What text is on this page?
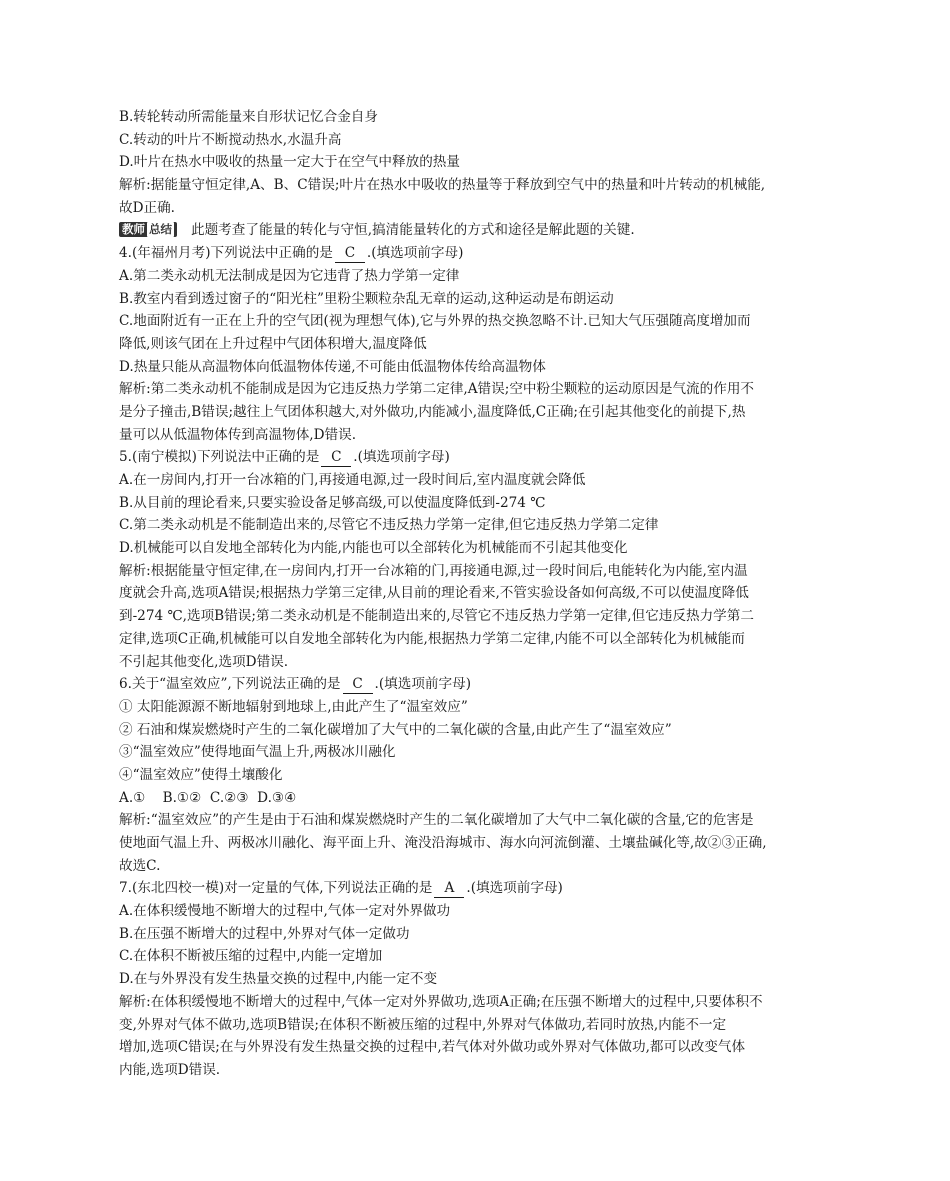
B.转轮转动所需能量来自形状记忆合金自身
C.转动的叶片不断搅动热水,水温升高
D.叶片在热水中吸收的热量一定大于在空气中释放的热量
解析:据能量守恒定律,A、B、C错误;叶片在热水中吸收的热量等于释放到空气中的热量和叶片转动的机械能,
故D正确.
教师 总结 此题考查了能量的转化与守恒,搞清能量转化的方式和途径是解此题的关键.
4.(年福州月考)下列说法中正确的是 C .(填选项前字母)
A.第二类永动机无法制成是因为它违背了热力学第一定律
B.教室内看到透过窗子的“阳光柱”里粉尘颗粒杂乱无章的运动,这种运动是布朗运动
C.地面附近有一正在上升的空气团(视为理想气体),它与外界的热交换忽略不计.已知大气压强随高度增加而
降低,则该气团在上升过程中气团体积增大,温度降低
D.热量只能从高温物体向低温物体传递,不可能由低温物体传给高温物体
解析:第二类永动机不能制成是因为它违反热力学第二定律,A错误;空中粉尘颗粒的运动原因是气流的作用不
是分子撞击,B错误;越往上气团体积越大,对外做功,内能减小,温度降低,C正确;在引起其他变化的前提下,热
量可以从低温物体传到高温物体,D错误.
5.(南宁模拟)下列说法中正确的是 C .(填选项前字母)
A.在一房间内,打开一台冰箱的门,再接通电源,过一段时间后,室内温度就会降低
B.从目前的理论看来,只要实验设备足够高级,可以使温度降低到-274 ℃
C.第二类永动机是不能制造出来的,尽管它不违反热力学第一定律,但它违反热力学第二定律
D.机械能可以自发地全部转化为内能,内能也可以全部转化为机械能而不引起其他变化
解析:根据能量守恒定律,在一房间内,打开一台冰箱的门,再接通电源,过一段时间后,电能转化为内能,室内温
度就会升高,选项A错误;根据热力学第三定律,从目前的理论看来,不管实验设备如何高级,不可以使温度降低
到-274 ℃,选项B错误;第二类永动机是不能制造出来的,尽管它不违反热力学第一定律,但它违反热力学第二
定律,选项C正确,机械能可以自发地全部转化为内能,根据热力学第二定律,内能不可以全部转化为机械能而
不引起其他变化,选项D错误.
6.关于“温室效应”,下列说法正确的是 C .(填选项前字母)
① 太阳能源源不断地辐射到地球上,由此产生了“温室效应”
② 石油和煤炭燃烧时产生的二氧化碳增加了大气中的二氧化碳的含量,由此产生了“温室效应”
③“温室效应”使得地面气温上升,两极冰川融化
④“温室效应”使得土壤酸化
A.①    B.①②  C.②③  D.③④
解析:“温室效应”的产生是由于石油和煤炭燃烧时产生的二氧化碳增加了大气中二氧化碳的含量,它的危害是
使地面气温上升、两极冰川融化、海平面上升、淹没沿海城市、海水向河流倒灌、土壤盐碱化等,故②③正确,
故选C.
7.(东北四校一模)对一定量的气体,下列说法正确的是 A .(填选项前字母)
A.在体积缓慢地不断增大的过程中,气体一定对外界做功
B.在压强不断增大的过程中,外界对气体一定做功
C.在体积不断被压缩的过程中,内能一定增加
D.在与外界没有发生热量交换的过程中,内能一定不变
解析:在体积缓慢地不断增大的过程中,气体一定对外界做功,选项A正确;在压强不断增大的过程中,只要体积不
变,外界对气体不做功,选项B错误;在体积不断被压缩的过程中,外界对气体做功,若同时放热,内能不一定
增加,选项C错误;在与外界没有发生热量交换的过程中,若气体对外做功或外界对气体做功,都可以改变气体
内能,选项D错误.
